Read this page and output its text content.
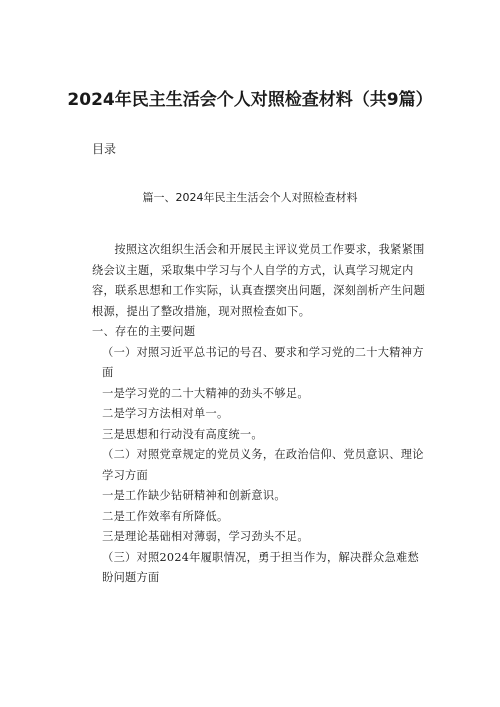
2024年民主生活会个人对照检查材料（共9篇）

目录

篇一、2024年民主生活会个人对照检查材料

按照这次组织生活会和开展民主评议党员工作要求，我紧紧围绕会议主题，采取集中学习与个人自学的方式，认真学习规定内容，联系思想和工作实际，认真查摆突出问题，深刻剖析产生问题根源，提出了整改措施，现对照检查如下。

一、存在的主要问题

（一）对照习近平总书记的号召、要求和学习党的二十大精神方面

一是学习党的二十大精神的劲头不够足。

二是学习方法相对单一。

三是思想和行动没有高度统一。

（二）对照党章规定的党员义务，在政治信仰、党员意识、理论学习方面

一是工作缺少钻研精神和创新意识。

二是工作效率有所降低。

三是理论基础相对薄弱，学习劲头不足。

（三）对照2024年履职情况，勇于担当作为，解决群众急难愁盼问题方面
